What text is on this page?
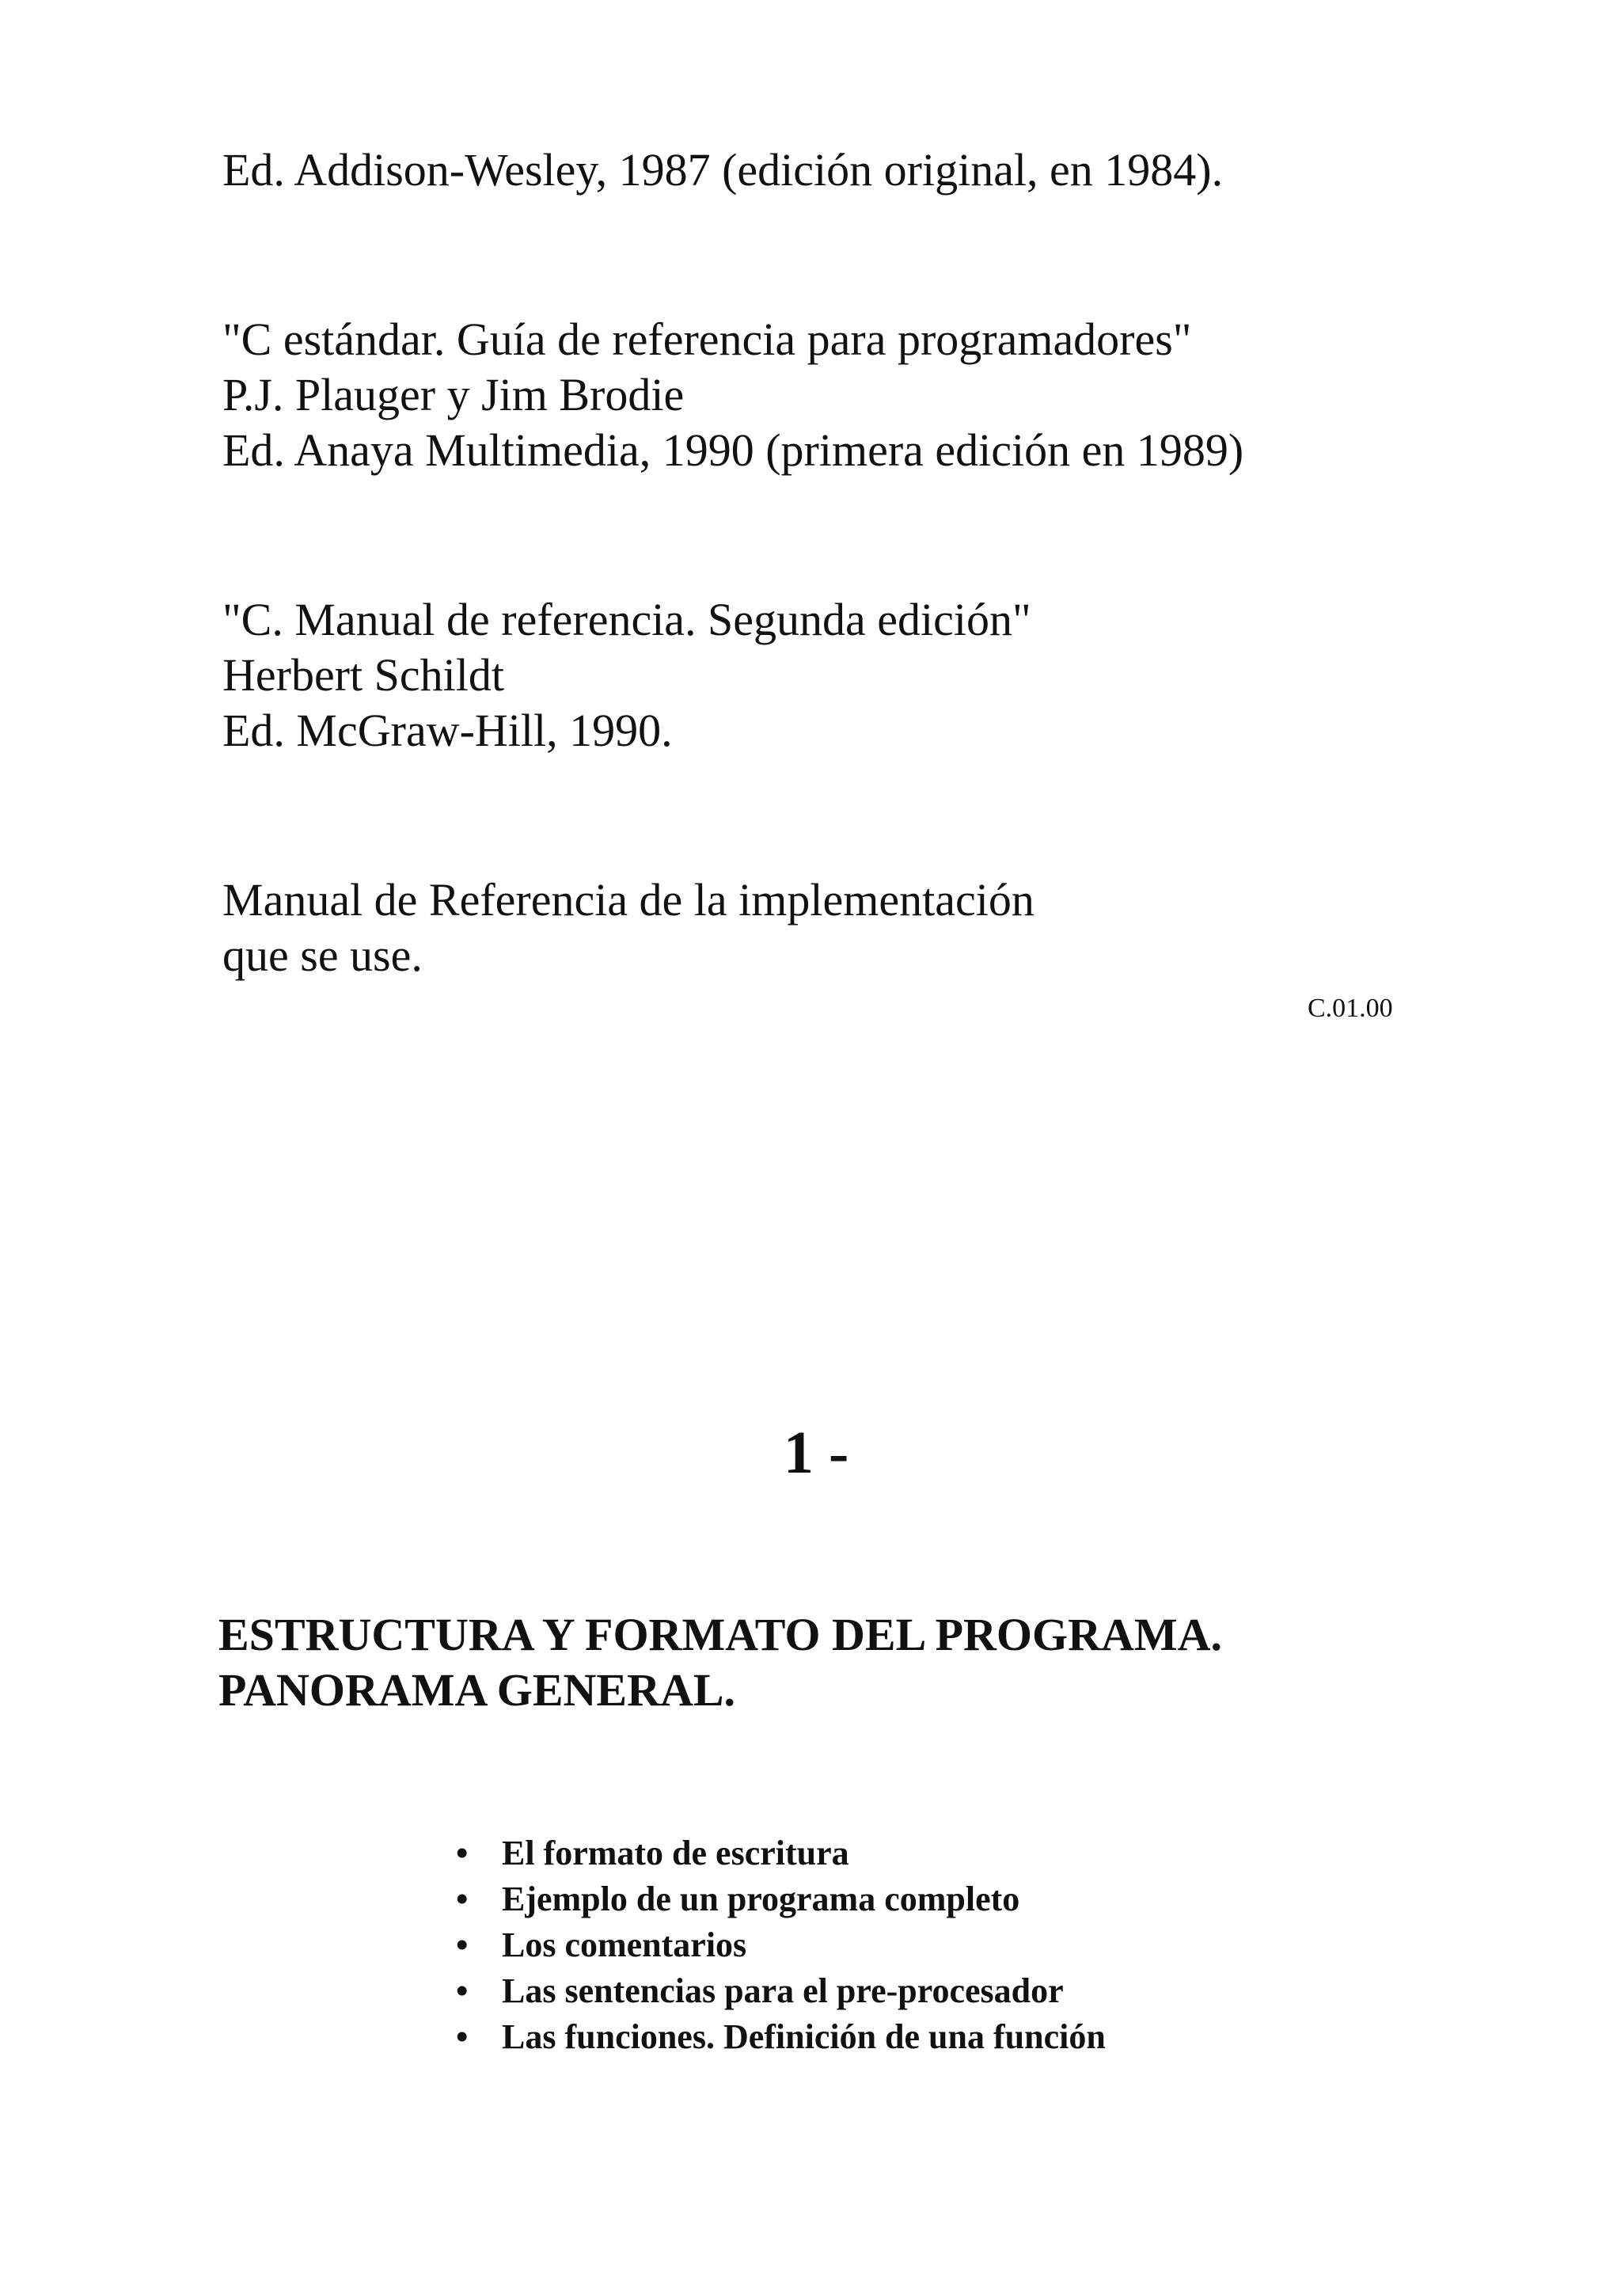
Ed. Addison-Wesley, 1987 (edición original, en 1984).

"C estándar. Guía de referencia para programadores"

P.J. Plauger y Jim Brodie

Ed. Anaya Multimedia, 1990 (primera edición en 1989)

"C. Manual de referencia. Segunda edición"

Herbert Schildt

Ed. McGraw-Hill, 1990.

Manual de Referencia de la implementación

que se use.

C.01.00

1 -

ESTRUCTURA Y FORMATO DEL PROGRAMA.

PANORAMA GENERAL.

• El formato de escritura
• Ejemplo de un programa completo
• Los comentarios
• Las sentencias para el pre-procesador
• Las funciones. Definición de una función
